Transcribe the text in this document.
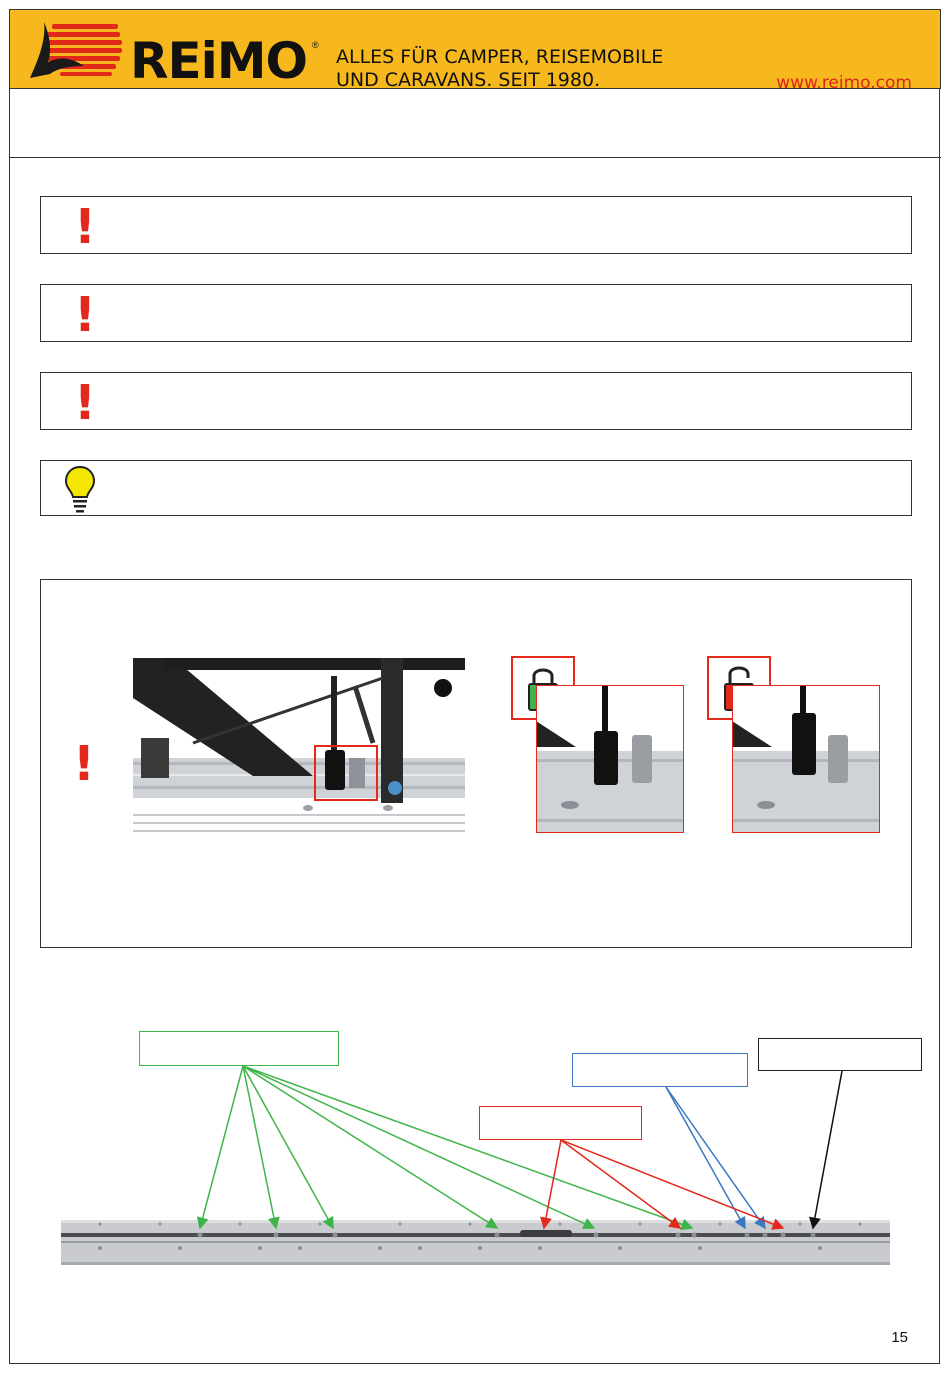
REiMO ®
ALLES FÜR CAMPER, REISEMOBILE
UND CARAVANS. SEIT 1980.	www.reimo.com
!
!
!
!
15
